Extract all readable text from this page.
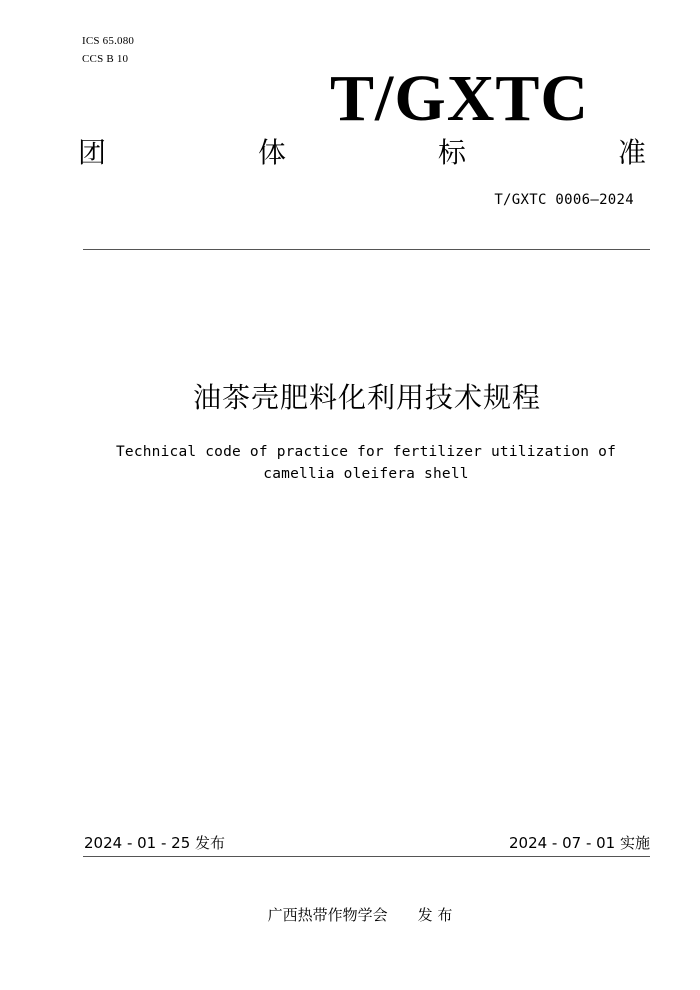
ICS 65.080
CCS B 10
T/GXTC
团	体	标	准
T/GXTC 0006—2024
油茶壳肥料化利用技术规程
Technical code of practice for fertilizer utilization of camellia oleifera shell
2024 - 01 - 25 发布	2024 - 07 - 01 实施
广西热带作物学会 发 布
